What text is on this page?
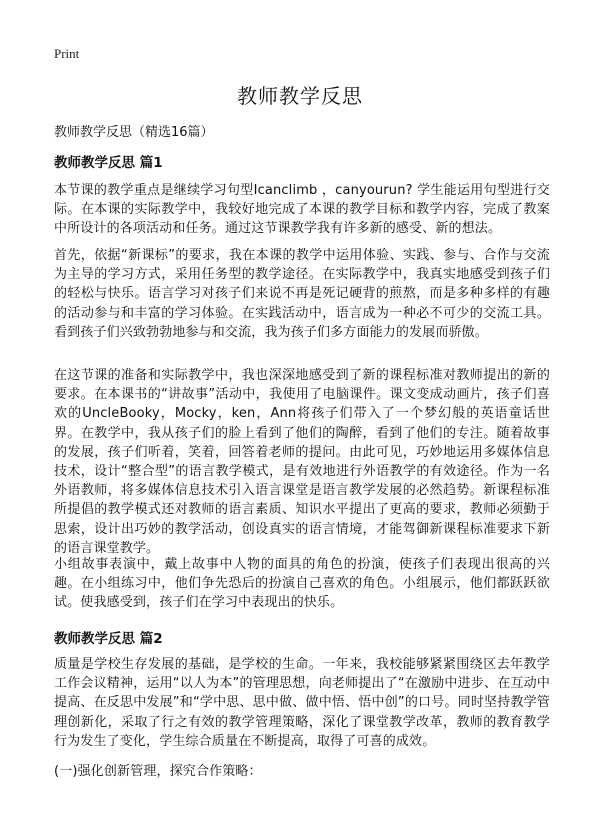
Print
教师教学反思
教师教学反思（精选16篇）
教师教学反思 篇1
本节课的教学重点是继续学习句型Icanclimb ，canyourun? 学生能运用句型进行交际。在本课的实际教学中，我较好地完成了本课的教学目标和教学内容，完成了教案中所设计的各项活动和任务。通过这节课教学我有许多新的感受、新的想法。
首先，依据“新课标”的要求，我在本课的教学中运用体验、实践、参与、合作与交流为主导的学习方式，采用任务型的教学途径。在实际教学中，我真实地感受到孩子们的轻松与快乐。语言学习对孩子们来说不再是死记硬背的煎熬，而是多种多样的有趣的活动参与和丰富的学习体验。在实践活动中，语言成为一种必不可少的交流工具。看到孩子们兴致勃勃地参与和交流，我为孩子们多方面能力的发展而骄傲。
在这节课的准备和实际教学中，我也深深地感受到了新的课程标准对教师提出的新的要求。在本课书的“讲故事”活动中，我使用了电脑课件。课文变成动画片，孩子们喜欢的UncleBooky，Mocky，ken，Ann将孩子们带入了一个梦幻般的英语童话世界。在教学中，我从孩子们的脸上看到了他们的陶醉，看到了他们的专注。随着故事的发展，孩子们听着，笑着，回答着老师的提问。由此可见，巧妙地运用多媒体信息技术，设计“整合型”的语言教学模式，是有效地进行外语教学的有效途径。作为一名外语教师，将多媒体信息技术引入语言课堂是语言教学发展的必然趋势。新课程标准所提倡的教学模式还对教师的语言素质、知识水平提出了更高的要求，教师必须勤于思索，设计出巧妙的教学活动，创设真实的语言情境，才能驾御新课程标准要求下新的语言课堂教学。
小组故事表演中，戴上故事中人物的面具的角色的扮演，使孩子们表现出很高的兴趣。在小组练习中，他们争先恐后的扮演自己喜欢的角色。小组展示，他们都跃跃欲试。使我感受到，孩子们在学习中表现出的快乐。
教师教学反思 篇2
质量是学校生存发展的基础，是学校的生命。一年来，我校能够紧紧围绕区去年教学工作会议精神，运用“以人为本”的管理思想，向老师提出了“在激励中进步、在互动中提高、在反思中发展”和“学中思、思中做、做中悟、悟中创”的口号。同时坚持教学管理创新化，采取了行之有效的教学管理策略，深化了课堂教学改革，教师的教育教学行为发生了变化，学生综合质量在不断提高，取得了可喜的成效。
(一)强化创新管理，探究合作策略：
